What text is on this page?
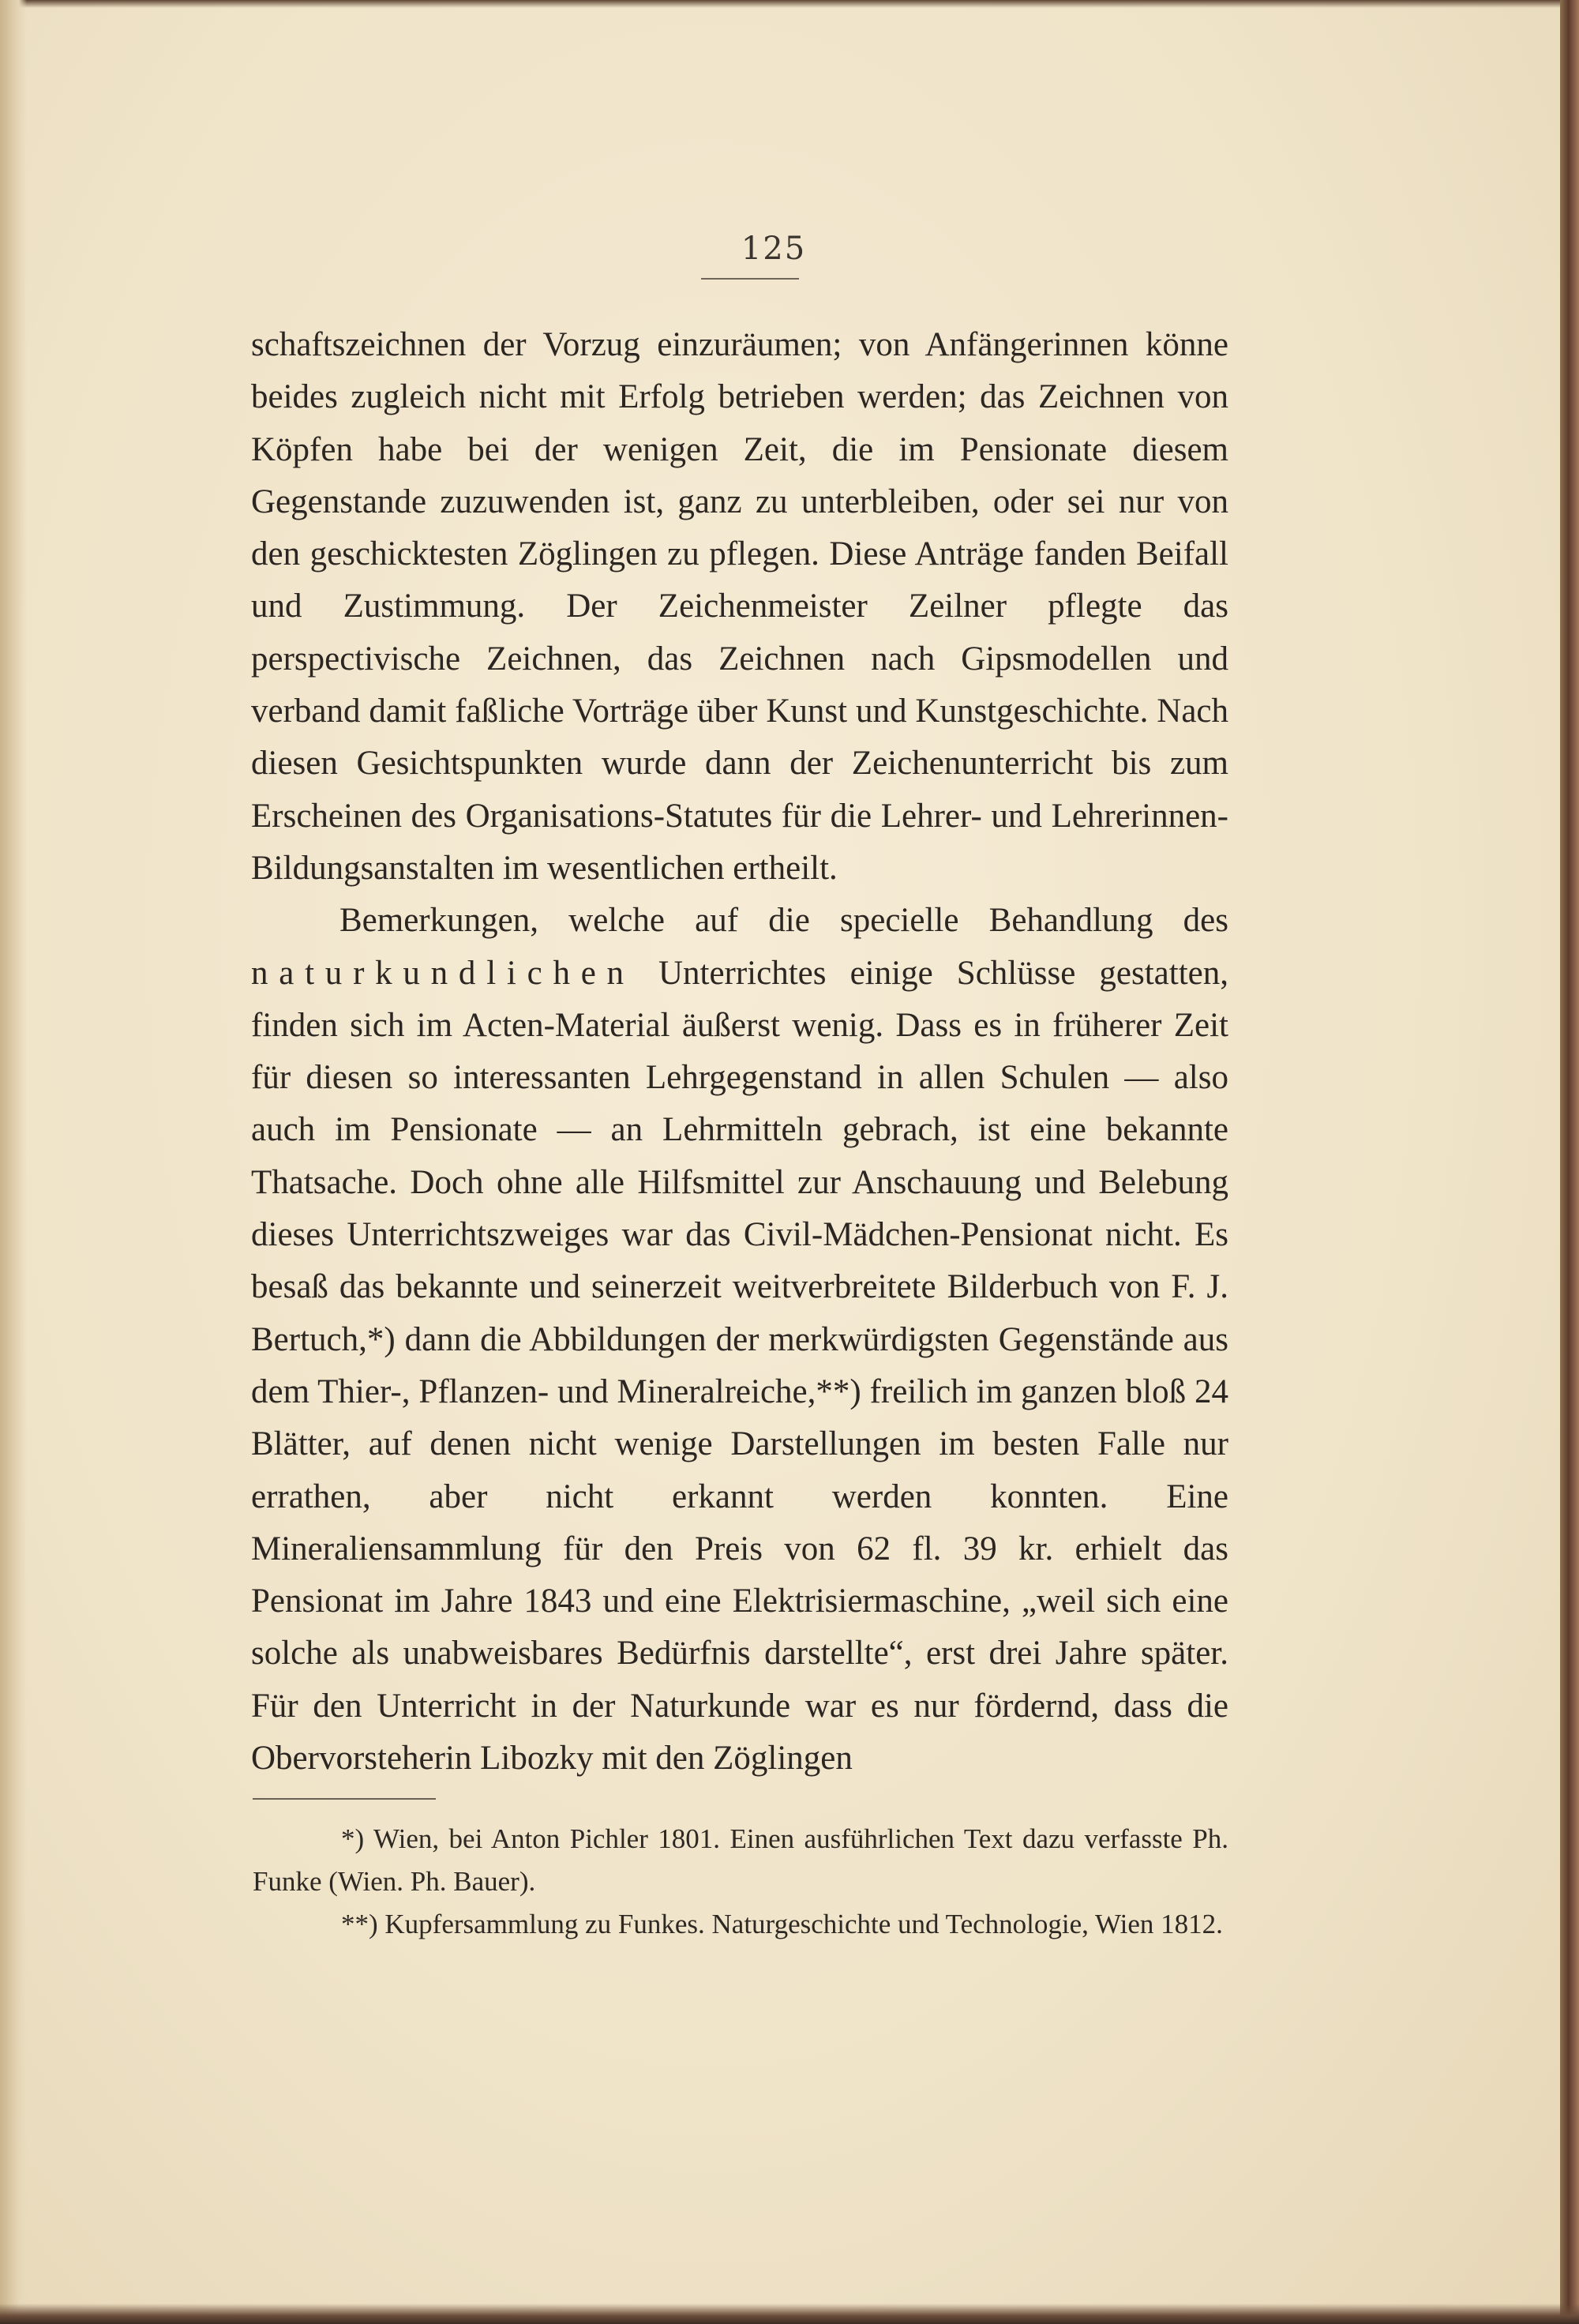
125

schaftszeichnen der Vorzug einzuräumen; von Anfängerinnen könne beides zugleich nicht mit Erfolg betrieben werden; das Zeichnen von Köpfen habe bei der wenigen Zeit, die im Pensionate diesem Gegenstande zuzuwenden ist, ganz zu unterbleiben, oder sei nur von den geschicktesten Zöglingen zu pflegen. Diese Anträge fanden Beifall und Zustimmung. Der Zeichenmeister Zeilner pflegte das perspectivische Zeichnen, das Zeichnen nach Gipsmodellen und verband damit faßliche Vorträge über Kunst und Kunstgeschichte. Nach diesen Gesichtspunkten wurde dann der Zeichenunterricht bis zum Erscheinen des Organisations-Statutes für die Lehrer- und Lehrerinnen-Bildungsanstalten im wesentlichen ertheilt.

Bemerkungen, welche auf die specielle Behandlung des naturkundlichen Unterrichtes einige Schlüsse gestatten, finden sich im Acten-Material äußerst wenig. Dass es in früherer Zeit für diesen so interessanten Lehrgegenstand in allen Schulen — also auch im Pensionate — an Lehrmitteln gebrach, ist eine bekannte Thatsache. Doch ohne alle Hilfsmittel zur Anschauung und Belebung dieses Unterrichtszweiges war das Civil-Mädchen-Pensionat nicht. Es besaß das bekannte und seinerzeit weitverbreitete Bilderbuch von F. J. Bertuch,*) dann die Abbildungen der merkwürdigsten Gegenstände aus dem Thier-, Pflanzen- und Mineralreiche,**) freilich im ganzen bloß 24 Blätter, auf denen nicht wenige Darstellungen im besten Falle nur errathen, aber nicht erkannt werden konnten. Eine Mineraliensammlung für den Preis von 62 fl. 39 kr. erhielt das Pensionat im Jahre 1843 und eine Elektrisiermaschine, „weil sich eine solche als unabweisbares Bedürfnis darstellte“, erst drei Jahre später. Für den Unterricht in der Naturkunde war es nur fördernd, dass die Obervorsteherin Libozky mit den Zöglingen

*) Wien, bei Anton Pichler 1801. Einen ausführlichen Text dazu verfasste Ph. Funke (Wien. Ph. Bauer).

**) Kupfersammlung zu Funkes. Naturgeschichte und Technologie, Wien 1812.
